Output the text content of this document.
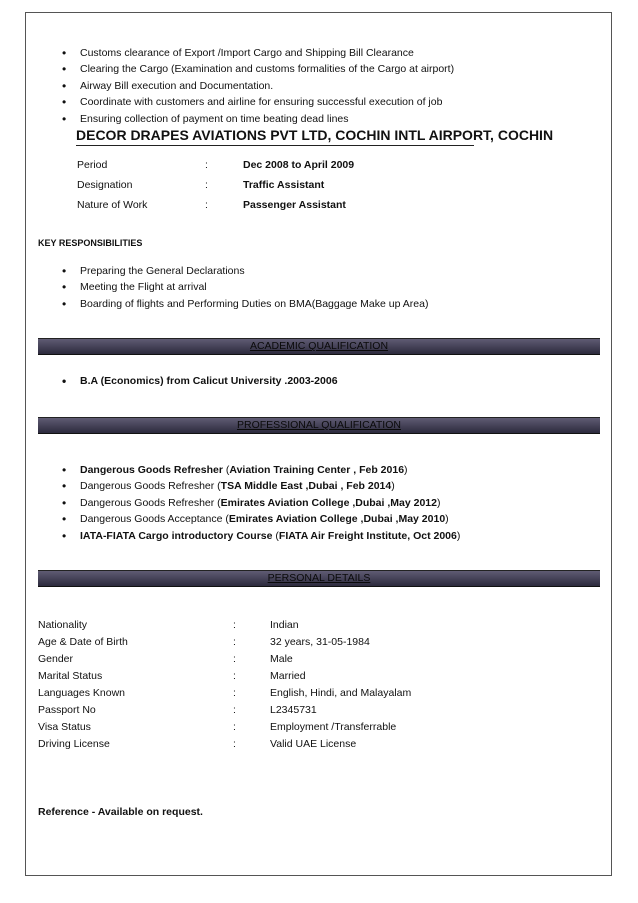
• Customs clearance of Export /Import Cargo and Shipping Bill Clearance
• Clearing the Cargo (Examination and customs formalities of the Cargo at airport)
• Airway Bill execution and Documentation.
• Coordinate with customers and airline for ensuring successful execution of job
• Ensuring collection of payment on time beating dead lines
DECOR DRAPES AVIATIONS PVT LTD, COCHIN INTL AIRPORT, COCHIN
Period	:	Dec 2008 to April 2009
Designation	:	Traffic Assistant
Nature of Work	:	Passenger Assistant
KEY RESPONSIBILITIES
• Preparing the General Declarations
• Meeting the Flight at arrival
• Boarding of flights and Performing Duties on BMA(Baggage Make up Area)
ACADEMIC QUALIFICATION
• B.A (Economics) from Calicut University .2003-2006
PROFESSIONAL QUALIFICATION
• Dangerous Goods Refresher (Aviation Training Center , Feb 2016)
• Dangerous Goods Refresher (TSA Middle East ,Dubai , Feb 2014)
• Dangerous Goods Refresher (Emirates Aviation College ,Dubai ,May 2012)
• Dangerous Goods Acceptance (Emirates Aviation College ,Dubai ,May 2010)
• IATA-FIATA Cargo introductory Course (FIATA Air Freight Institute, Oct 2006)
PERSONAL DETAILS
Nationality	:	Indian
Age & Date of Birth	:	32 years, 31-05-1984
Gender	:	Male
Marital Status	:	Married
Languages Known	:	English, Hindi, and Malayalam
Passport No	:	L2345731
Visa Status	:	Employment /Transferrable
Driving License	:	Valid UAE License
Reference - Available on request.
